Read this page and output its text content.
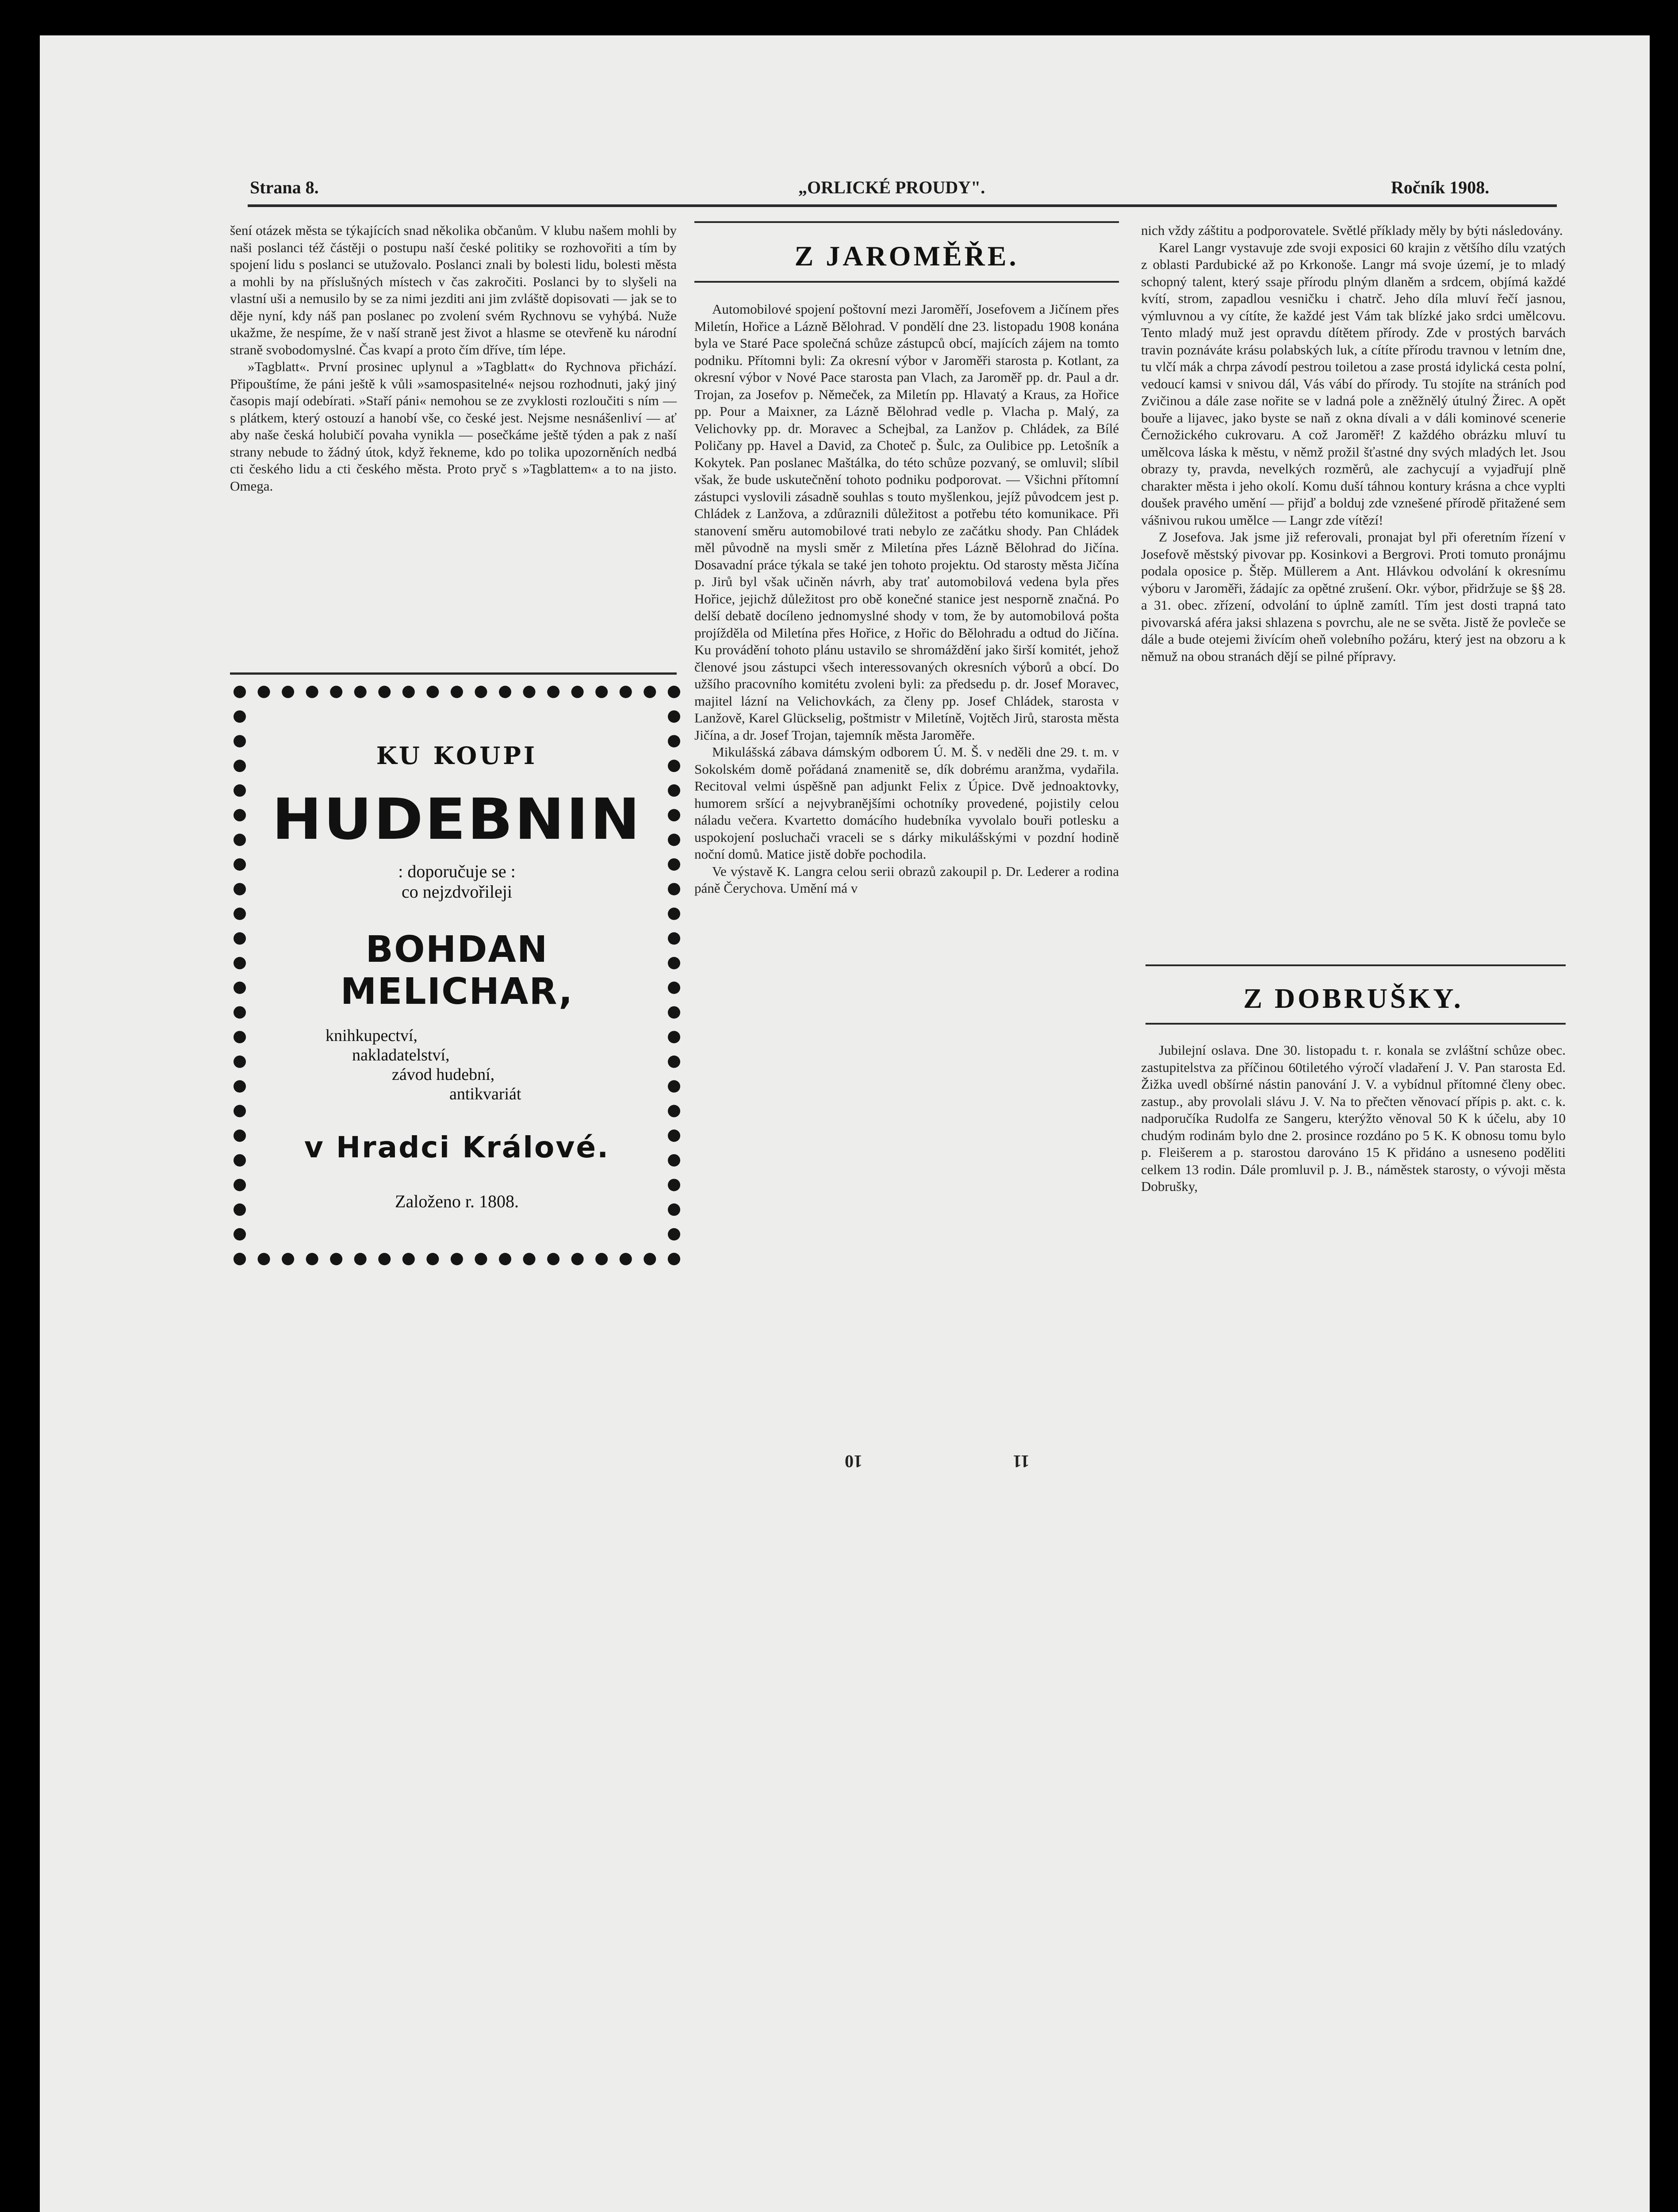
Strana 8.	„ORLICKÉ PROUDY".	Ročník 1908.

šení otázek města se týkajících snad několika občanům. V klubu našem mohli by naši poslanci též částěji o postupu naší české politiky se rozhovořiti a tím by spojení lidu s poslanci se utužovalo. Poslanci znali by bolesti lidu, bolesti města a mohli by na příslušných místech v čas zakročiti. Poslanci by to slyšeli na vlastní uši a nemusilo by se za nimi jezditi ani jim zvláště dopisovati — jak se to děje nyní, kdy náš pan poslanec po zvolení svém Rychnovu se vyhýbá. Nuže ukažme, že nespíme, že v naší straně jest život a hlasme se otevřeně ku národní straně svobodomyslné. Čas kvapí a proto čím dříve, tím lépe.

»Tagblatt«. První prosinec uplynul a »Tagblatt« do Rychnova přichází. Připouštíme, že páni ještě k vůli »samospasitelné« nejsou rozhodnuti, jaký jiný časopis mají odebírati. »Staří páni« nemohou se ze zvyklosti rozloučiti s ním — s plátkem, který ostouzí a hanobí vše, co české jest. Nejsme nesnášenliví — ať aby naše česká holubičí povaha vynikla — posečkáme ještě týden a pak z naší strany nebude to žádný útok, když řekneme, kdo po tolika upozorněních nedbá cti českého lidu a cti českého města. Proto pryč s »Tagblattem« a to na jisto. Omega.

KU KOUPI
HUDEBNIN
: doporučuje se :
co nejzdvořileji
BOHDAN MELICHAR,
knihkupectví,
nakladatelství,
závod hudební,
antikvariát
v Hradci Králové.
Založeno r. 1808.
Z JAROMĚŘE.

Automobilové spojení poštovní mezi Jaroměří, Josefovem a Jičínem přes Miletín, Hořice a Lázně Bělohrad. V pondělí dne 23. listopadu 1908 konána byla ve Staré Pace společná schůze zástupců obcí, majících zájem na tomto podniku. Přítomni byli: Za okresní výbor v Jaroměři starosta p. Kotlant, za okresní výbor v Nové Pace starosta pan Vlach, za Jaroměř pp. dr. Paul a dr. Trojan, za Josefov p. Němeček, za Miletín pp. Hlavatý a Kraus, za Hořice pp. Pour a Maixner, za Lázně Bělohrad vedle p. Vlacha p. Malý, za Velichovky pp. dr. Moravec a Schejbal, za Lanžov p. Chládek, za Bílé Poličany pp. Havel a David, za Choteč p. Šulc, za Oulibice pp. Letošník a Kokytek. Pan poslanec Maštálka, do této schůze pozvaný, se omluvil; slíbil však, že bude uskutečnění tohoto podniku podporovat. — Všichni přítomní zástupci vyslovili zásadně souhlas s touto myšlenkou, jejíž původcem jest p. Chládek z Lanžova, a zdůraznili důležitost a potřebu této komunikace. Při stanovení směru automobilové trati nebylo ze začátku shody. Pan Chládek měl původně na mysli směr z Miletína přes Lázně Bělohrad do Jičína. Dosavadní práce týkala se také jen tohoto projektu. Od starosty města Jičína p. Jirů byl však učiněn návrh, aby trať automobilová vedena byla přes Hořice, jejichž důležitost pro obě konečné stanice jest nesporně značná. Po delší debatě docíleno jednomyslné shody v tom, že by automobilová pošta projížděla od Miletína přes Hořice, z Hořic do Bělohradu a odtud do Jičína. Ku provádění tohoto plánu ustavilo se shromáždění jako širší komitét, jehož členové jsou zástupci všech interessovaných okresních výborů a obcí. Do užšího pracovního komitétu zvoleni byli: za předsedu p. dr. Josef Moravec, majitel lázní na Velichovkách, za členy pp. Josef Chládek, starosta v Lanžově, Karel Glückselig, poštmistr v Miletíně, Vojtěch Jirů, starosta města Jičína, a dr. Josef Trojan, tajemník města Jaroměře.

Mikulášská zábava dámským odborem Ú. M. Š. v neděli dne 29. t. m. v Sokolském domě pořádaná znamenitě se, dík dobrému aranžma, vydařila. Recitoval velmi úspěšně pan adjunkt Felix z Úpice. Dvě jednoaktovky, humorem sršící a nejvybranějšími ochotníky provedené, pojistily celou náladu večera. Kvartetto domácího hudebníka vyvolalo bouři potlesku a uspokojení posluchači vraceli se s dárky mikulášskými v pozdní hodině noční domů. Matice jistě dobře pochodila.

Ve výstavě K. Langra celou serii obrazů zakoupil p. Dr. Lederer a rodina páně Čerychova. Umění má v

nich vždy záštitu a podporovatele. Světlé příklady měly by býti následovány.

Karel Langr vystavuje zde svoji exposici 60 krajin z většího dílu vzatých z oblasti Pardubické až po Krkonoše. Langr má svoje území, je to mladý schopný talent, který ssaje přírodu plným dlaněm a srdcem, objímá každé kvítí, strom, zapadlou vesničku i chatrč. Jeho díla mluví řečí jasnou, výmluvnou a vy cítíte, že každé jest Vám tak blízké jako srdci umělcovu. Tento mladý muž jest opravdu dítětem přírody. Zde v prostých barvách travin poznáváte krásu polabských luk, a cítíte přírodu travnou v letním dne, tu vlčí mák a chrpa závodí pestrou toiletou a zase prostá idylická cesta polní, vedoucí kamsi v snivou dál, Vás vábí do přírody. Tu stojíte na stráních pod Zvičinou a dále zase nořite se v ladná pole a zněžnělý útulný Žirec. A opět bouře a lijavec, jako byste se naň z okna dívali a v dáli kominové scenerie Černožického cukrovaru. A což Jaroměř! Z každého obrázku mluví tu umělcova láska k městu, v němž prožil šťastné dny svých mladých let. Jsou obrazy ty, pravda, nevelkých rozměrů, ale zachycují a vyjadřují plně charakter města i jeho okolí. Komu duší táhnou kontury krásna a chce vyplti doušek pravého umění — přijď a bolduj zde vznešené přírodě přitažené sem vášnivou rukou umělce — Langr zde vítězí!

Z Josefova. Jak jsme již referovali, pronajat byl při oferetním řízení v Josefově městský pivovar pp. Kosinkovi a Bergrovi. Proti tomuto pronájmu podala oposice p. Štěp. Müllerem a Ant. Hlávkou odvolání k okresnímu výboru v Jaroměři, žádajíc za opětné zrušení. Okr. výbor, přidržuje se §§ 28. a 31. obec. zřízení, odvolání to úplně zamítl. Tím jest dosti trapná tato pivovarská aféra jaksi shlazena s povrchu, ale ne se světa. Jistě že povleče se dále a bude otejemi živícím oheň volebního požáru, který jest na obzoru a k němuž na obou stranách dějí se pilné přípravy.

Z DOBRUŠKY.

Jubilejní oslava. Dne 30. listopadu t. r. konala se zvláštní schůze obec. zastupitelstva za příčinou 60tiletého výročí vladaření J. V. Pan starosta Ed. Žižka uvedl obšírné nástin panování J. V. a vybídnul přítomné členy obec. zastup., aby provolali slávu J. V. Na to přečten věnovací přípis p. akt. c. k. nadporučíka Rudolfa ze Sangeru, kterýžto věnoval 50 K k účelu, aby 10 chudým rodinám bylo dne 2. prosince rozdáno po 5 K. K obnosu tomu bylo p. Fleišerem a p. starostou darováno 15 K přidáno a usneseno poděliti celkem 13 rodin. Dále promluvil p. J. B., náměstek starosty, o vývoji města Dobrušky,

10	11
